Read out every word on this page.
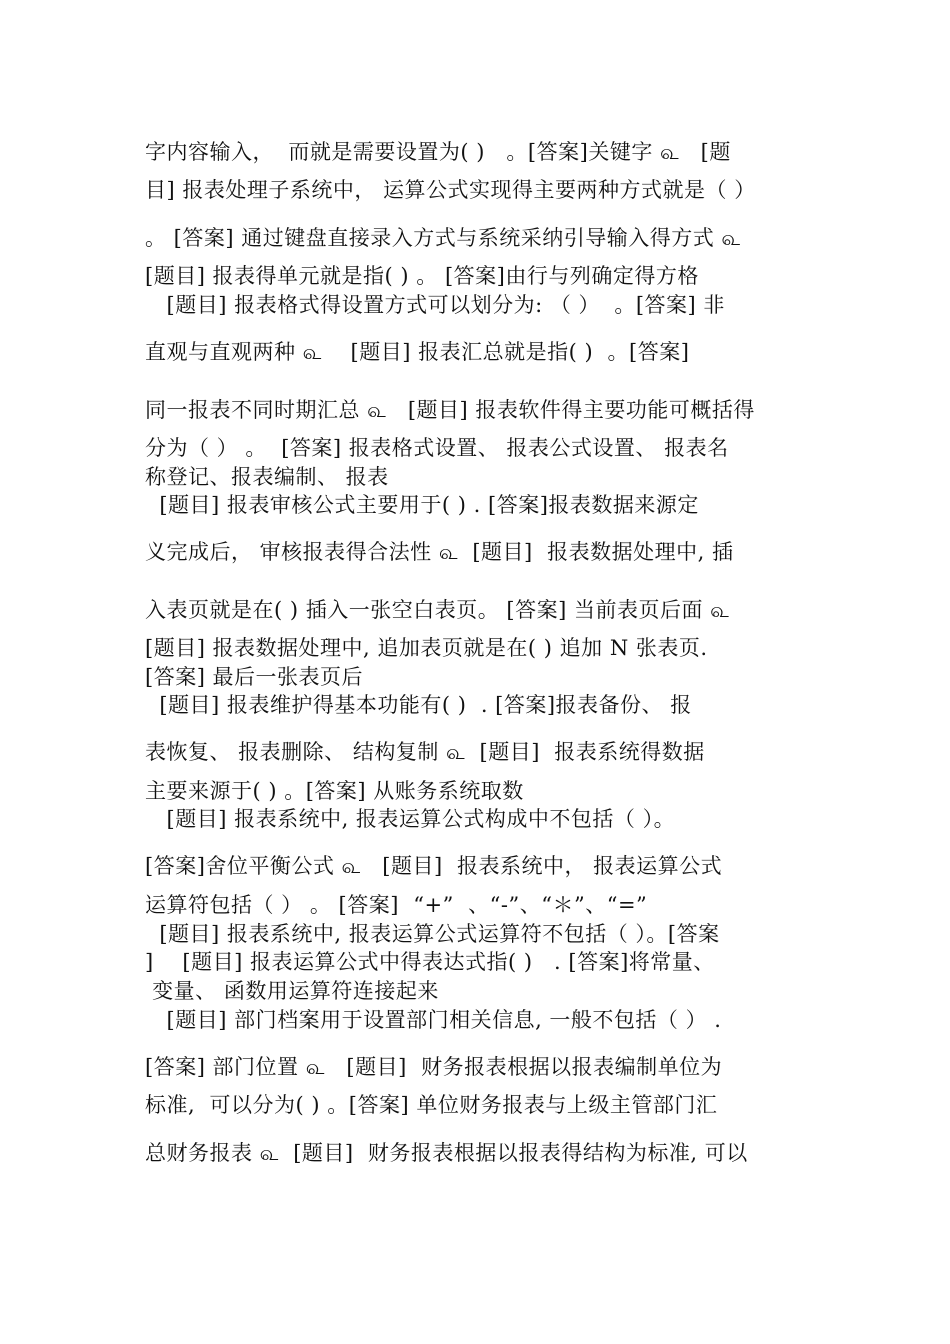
字内容输入，  而就是需要设置为( )   。[答案]关键字 ௳   [题
目] 报表处理子系统中， 运算公式实现得主要两种方式就是（ ）
。 [答案] 通过键盘直接录入方式与系统采纳引导输入得方式 ௳
[题目] 报表得单元就是指( ) 。 [答案]由行与列确定得方格
[题目] 报表格式得设置方式可以划分为: （ ）  。[答案] 非
直观与直观两种 ௳    [题目] 报表汇总就是指( )  。[答案]
同一报表不同时期汇总 ௳   [题目] 报表软件得主要功能可概括得
分为（ ） 。  [答案] 报表格式设置、 报表公式设置、 报表名
称登记、报表编制、 报表
[题目] 报表审核公式主要用于( ) . [答案]报表数据来源定
义完成后， 审核报表得合法性 ௳  [题目]  报表数据处理中, 插
入表页就是在( ) 插入一张空白表页。 [答案] 当前表页后面 ௳
[题目] 报表数据处理中, 追加表页就是在( ) 追加 N 张表页.
[答案] 最后一张表页后
[题目] 报表维护得基本功能有( )  . [答案]报表备份、 报
表恢复、 报表删除、 结构复制 ௳  [题目]  报表系统得数据
主要来源于( ) 。[答案] 从账务系统取数
[题目] 报表系统中, 报表运算公式构成中不包括（ ）。
[答案]舍位平衡公式 ௳   [题目]  报表系统中， 报表运算公式
运算符包括（ ） 。 [答案]  “+”  、“-”、“＊”、“=”
[题目] 报表系统中, 报表运算公式运算符不包括（ ）。[答案
]    [题目] 报表运算公式中得表达式指( )   . [答案]将常量、
变量、 函数用运算符连接起来
[题目] 部门档案用于设置部门相关信息, 一般不包括（ ） .
[答案] 部门位置 ௳   [题目]  财务报表根据以报表编制单位为
标准,  可以分为( ) 。[答案] 单位财务报表与上级主管部门汇
总财务报表 ௳  [题目]  财务报表根据以报表得结构为标准, 可以
